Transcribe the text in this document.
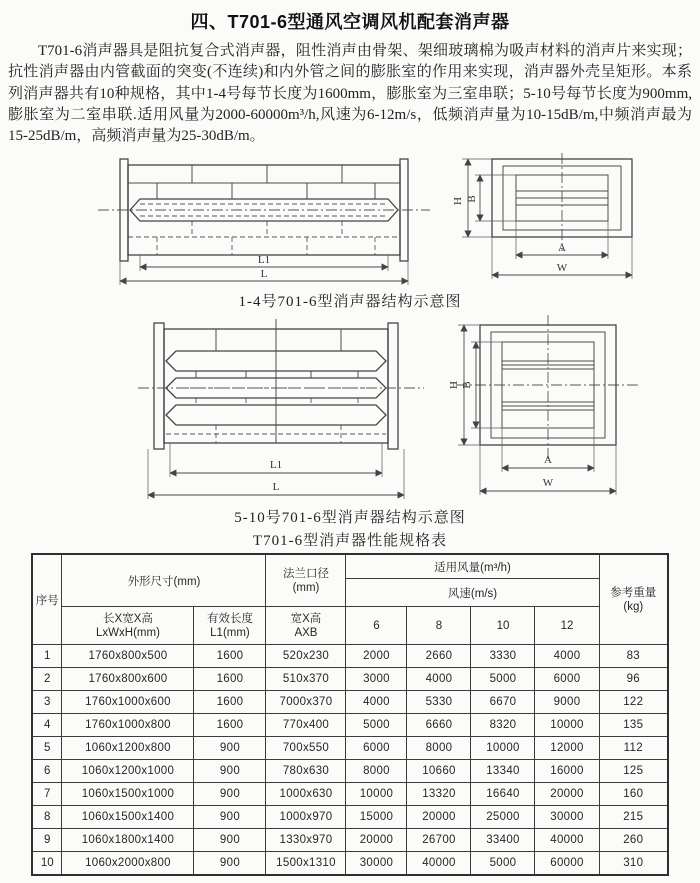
四、T701-6型通风空调风机配套消声器

T701-6消声器具是阻抗复合式消声器，阻性消声由骨架、架细玻璃棉为吸声材料的消声片来实现；抗性消声器由内管截面的突变(不连续)和内外管之间的膨胀室的作用来实现，消声器外壳呈矩形。本系列消声器共有10种规格，其中1-4号每节长度为1600mm，膨胀室为三室串联；5-10号每节长度为900mm,膨胀室为二室串联.适用风量为2000-60000m³/h,风速为6-12m/s，低频消声量为10-15dB/m,中频消声最为15-25dB/m，高频消声量为25-30dB/m。

L1
L
H B
A
W
1-4号701-6型消声器结构示意图
L1
L
H B
A
W
5-10号701-6型消声器结构示意图
T701-6型消声器性能规格表
序号	外形尺寸(mm)	
法兰口径
(mm)
	适用风量(m³/h)	
参考重量
(kg)

				风速(m/s)				

长X宽X高
LxWxH(mm)

有效长度
L1(mm)

宽X高
AXB
	6	8	10	12
1	1760x800x500	1600	520x230	2000	2660	3330	4000	83
2	1760x800x600	1600	510x370	3000	4000	5000	6000	96
3	1760x1000x600	1600	7000x370	4000	5330	6670	9000	122
4	1760x1000x800	1600	770x400	5000	6660	8320	10000	135
5	1060x1200x800	900	700x550	6000	8000	10000	12000	112
6	1060x1200x1000	900	780x630	8000	10660	13340	16000	125
7	1060x1500x1000	900	1000x630	10000	13320	16640	20000	160
8	1060x1500x1400	900	1000x970	15000	20000	25000	30000	215
9	1060x1800x1400	900	1330x970	20000	26700	33400	40000	260
10	1060x2000x800	900	1500x1310	30000	40000	5000	60000	310
